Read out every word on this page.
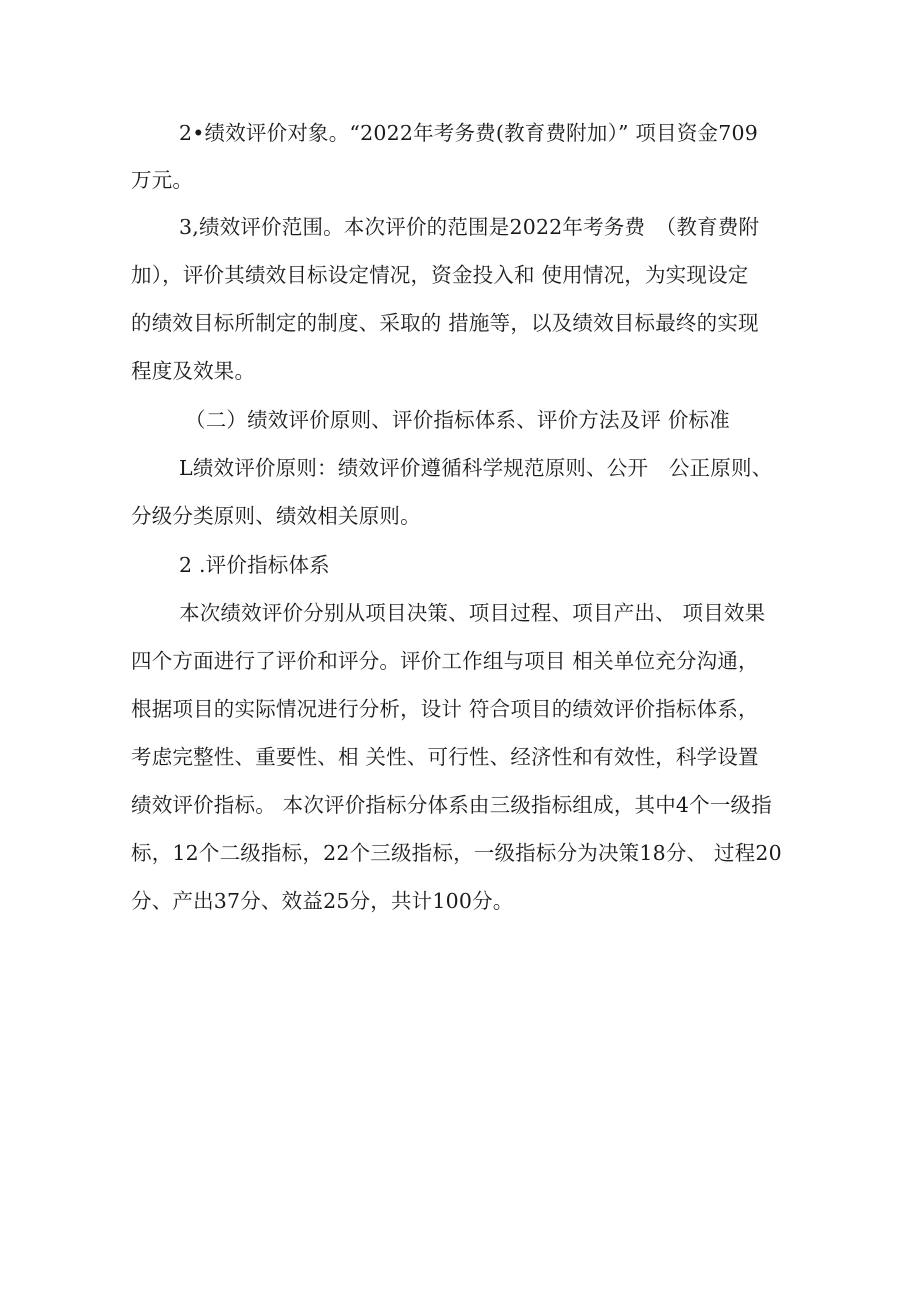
2•绩效评价对象。“2022年考务费(教育费附加）” 项目资金709
万元。
3,绩效评价范围。本次评价的范围是2022年考务费　（教育费附
加），评价其绩效目标设定情况，资金投入和 使用情况，为实现设定
的绩效目标所制定的制度、采取的 措施等，以及绩效目标最终的实现
程度及效果。
（二）绩效评价原则、评价指标体系、评价方法及评 价标准
L绩效评价原则：绩效评价遵循科学规范原则、公开　公正原则、
分级分类原则、绩效相关原则。
2 .评价指标体系
本次绩效评价分别从项目决策、项目过程、项目产出、 项目效果
四个方面进行了评价和评分。评价工作组与项目 相关单位充分沟通，
根据项目的实际情况进行分析，设计 符合项目的绩效评价指标体系，
考虑完整性、重要性、相 关性、可行性、经济性和有效性，科学设置
绩效评价指标。 本次评价指标分体系由三级指标组成，其中4个一级指
标，12个二级指标，22个三级指标，一级指标分为决策18分、 过程20
分、产出37分、效益25分，共计100分。
